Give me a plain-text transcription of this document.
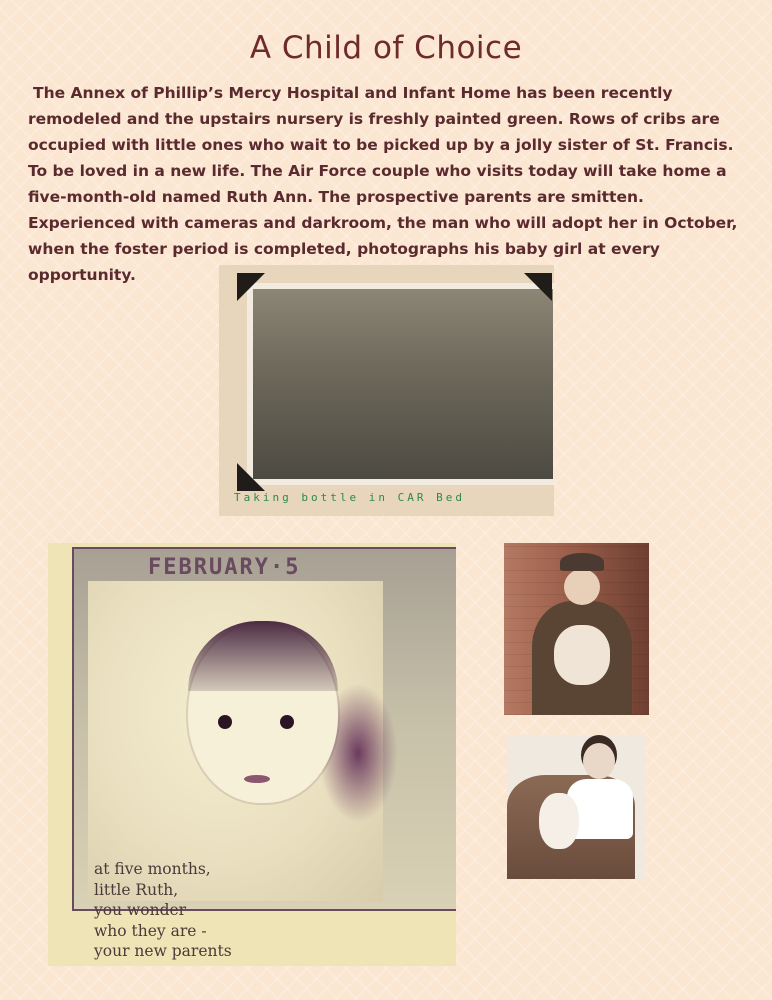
A Child of Choice
The Annex of Phillip’s Mercy Hospital and Infant Home has been recently remodeled and the upstairs nursery is freshly painted green. Rows of cribs are occupied with little ones who wait to be picked up by a jolly sister of St. Francis. To be loved in a new life. The Air Force couple who visits today will take home a five-month-old named Ruth Ann. The prospective parents are smitten. Experienced with cameras and darkroom, the man who will adopt her in October, when the foster period is completed, photographs his baby girl at every opportunity.
Taking bottle in CAR Bed
FEBRUARY·5
at five months,
little Ruth,
you wonder
who they are -
your new parents
